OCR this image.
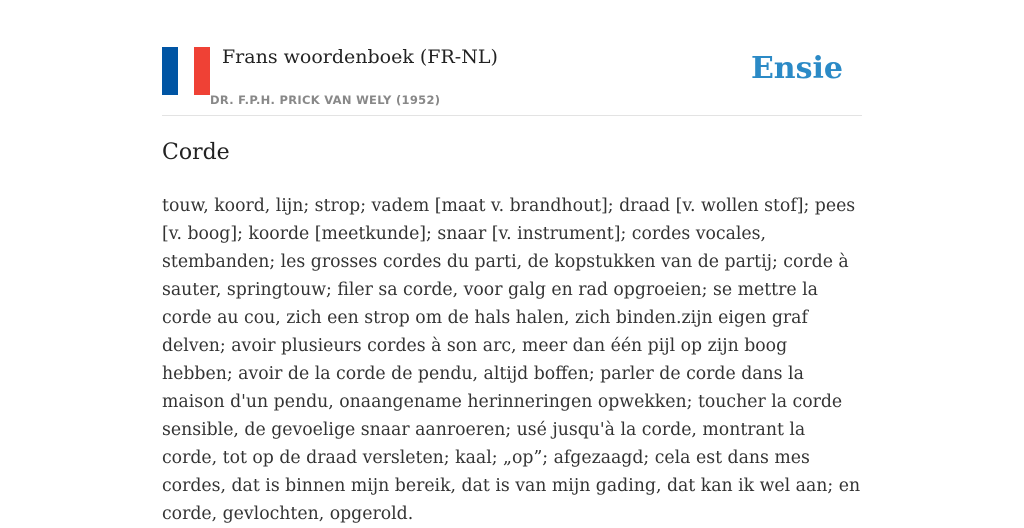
Frans woordenboek (FR-NL)
DR. F.P.H. PRICK VAN WELY (1952)
Ensie
Corde

touw, koord, lijn; strop; vadem [maat v. brandhout]; draad [v. wollen stof]; pees [v. boog]; koorde [meetkunde]; snaar [v. instrument]; cordes vocales, stembanden; les grosses cordes du parti, de kopstukken van de partij; corde à sauter, springtouw; filer sa corde, voor galg en rad opgroeien; se mettre la corde au cou, zich een strop om de hals halen, zich binden.zijn eigen graf delven; avoir plusieurs cordes à son arc, meer dan één pijl op zijn boog hebben; avoir de la corde de pendu, altijd boffen; parler de corde dans la maison d'un pendu, onaangename herinneringen opwekken; toucher la corde sensible, de gevoelige snaar aanroeren; usé jusqu'à la corde, montrant la corde, tot op de draad versleten; kaal; „op”; afgezaagd; cela est dans mes cordes, dat is binnen mijn bereik, dat is van mijn gading, dat kan ik wel aan; en corde, gevlochten, opgerold.
